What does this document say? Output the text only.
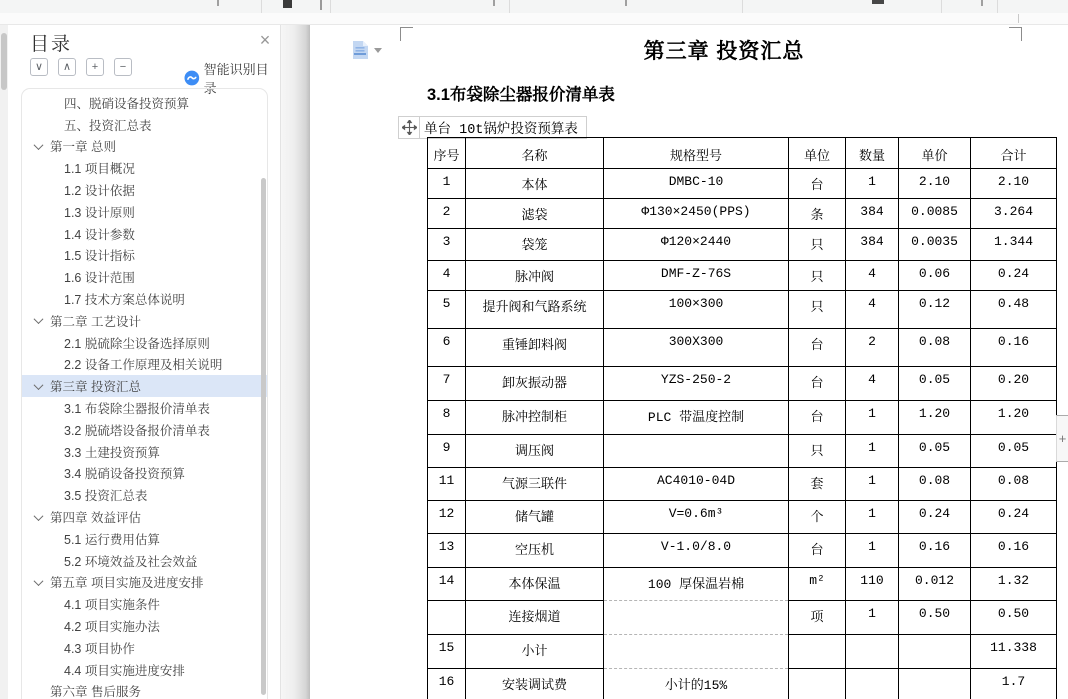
目录	×
∨	∧	+	−	智能识别目录
四、脱硝设备投资预算
五、投资汇总表
第一章 总则
1.1 项目概况
1.2 设计依据
1.3 设计原则
1.4 设计参数
1.5 设计指标
1.6 设计范围
1.7 技术方案总体说明
第二章 工艺设计
2.1 脱硫除尘设备选择原则
2.2 设备工作原理及相关说明
第三章 投资汇总
3.1 布袋除尘器报价清单表
3.2 脱硫塔设备报价清单表
3.3 土建投资预算
3.4 脱硝设备投资预算
3.5 投资汇总表
第四章 效益评估
5.1 运行费用估算
5.2 环境效益及社会效益
第五章 项目实施及进度安排
4.1 项目实施条件
4.2 项目实施办法
4.3 项目协作
4.4 项目实施进度安排
第六章 售后服务
第三章 投资汇总
3.1布袋除尘器报价清单表
单台 10t锅炉投资预算表
序号	名称	规格型号	单位	数量	单价	合计
1	本体	DMBC-10	台	1	2.10	2.10
2	滤袋	Φ130×2450(PPS)	条	384	0.0085	3.264
3	袋笼	Φ120×2440	只	384	0.0035	1.344
4	脉冲阀	DMF-Z-76S	只	4	0.06	0.24
5	提升阀和气路系统	100×300	只	4	0.12	0.48
6	重锤卸料阀	300X300	台	2	0.08	0.16
7	卸灰振动器	YZS-250-2	台	4	0.05	0.20
8	脉冲控制柜	PLC 带温度控制	台	1	1.20	1.20
9	调压阀		只	1	0.05	0.05
11	气源三联件	AC4010-04D	套	1	0.08	0.08
12	储气罐	V=0.6m³	个	1	0.24	0.24
13	空压机	V-1.0/8.0	台	1	0.16	0.16
14	本体保温	100 厚保温岩棉	m²	110	0.012	1.32
	连接烟道		项	1	0.50	0.50
15	小计					11.338
16	安装调试费	小计的15%				1.7
+
